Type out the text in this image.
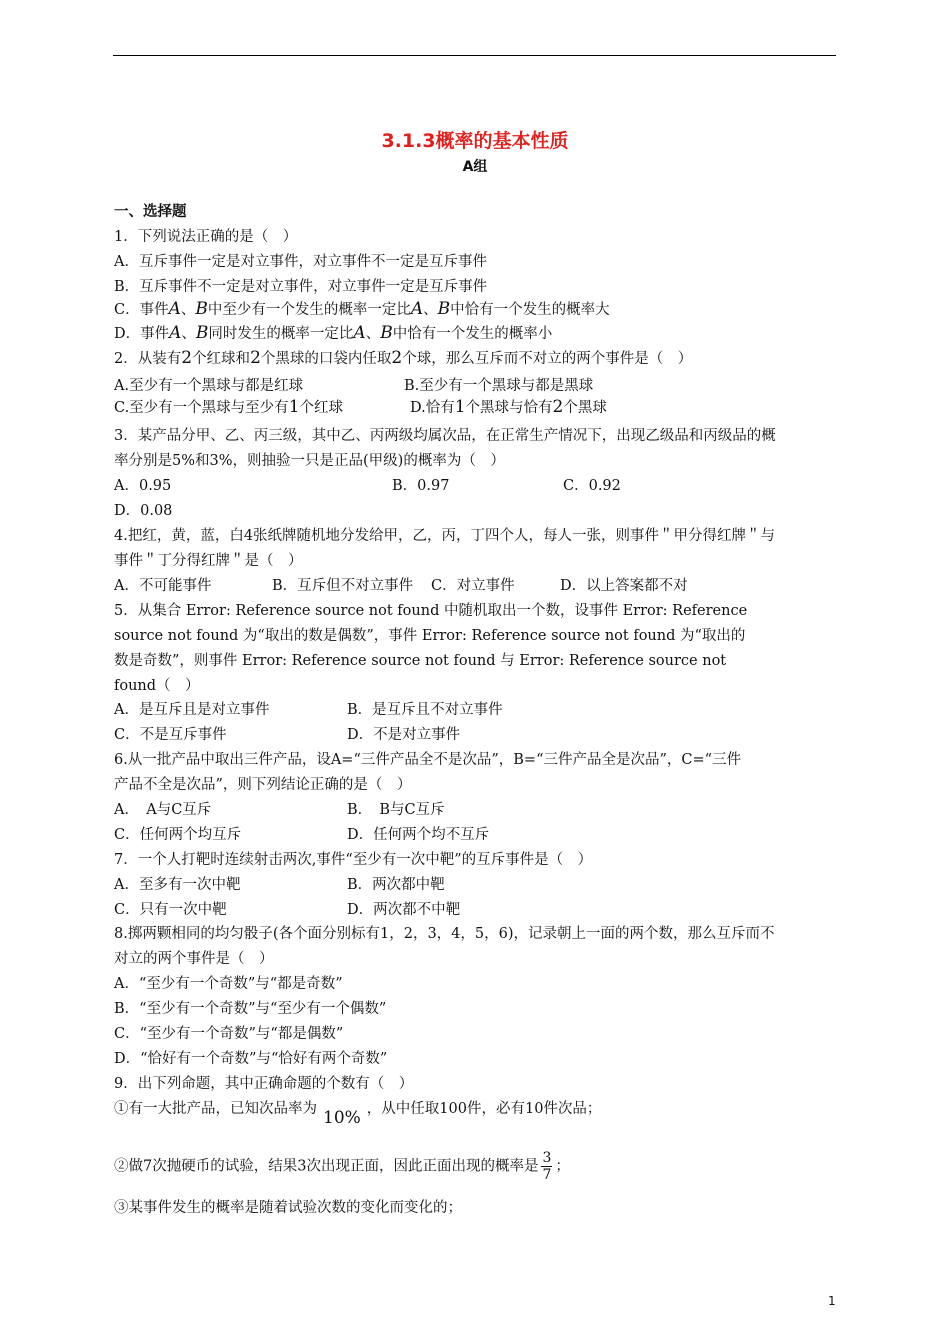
3.1.3概率的基本性质
A组
一、选择题
1．下列说法正确的是（　）
A．互斥事件一定是对立事件，对立事件不一定是互斥事件
B．互斥事件不一定是对立事件，对立事件一定是互斥事件
C．事件A、B中至少有一个发生的概率一定比A、B中恰有一个发生的概率大
D．事件A、B同时发生的概率一定比A、B中恰有一个发生的概率小
2．从装有2个红球和2个黑球的口袋内任取2个球，那么互斥而不对立的两个事件是（　）
A.至少有一个黑球与都是红球	B.至少有一个黑球与都是黑球
C.至少有一个黑球与至少有1个红球	D.恰有1个黑球与恰有2个黑球
3．某产品分甲、乙、丙三级，其中乙、丙两级均属次品，在正常生产情况下，出现乙级品和丙级品的概
率分别是5%和3%，则抽验一只是正品(甲级)的概率为（　）
A．0.95	B．0.97	C．0.92
D．0.08
4.把红，黄，蓝，白4张纸牌随机地分发给甲，乙，丙，丁四个人，每人一张，则事件＂甲分得红牌＂与
事件＂丁分得红牌＂是（　）
A．不可能事件	B．互斥但不对立事件 C．对立事件	D．以上答案都不对
5．从集合 Error: Reference source not found 中随机取出一个数，设事件 Error: Reference
source not found 为“取出的数是偶数”，事件 Error: Reference source not found 为“取出的
数是奇数”，则事件 Error: Reference source not found 与 Error: Reference source not
found（　）
A．是互斥且是对立事件	B．是互斥且不对立事件
C．不是互斥事件	D．不是对立事件
6.从一批产品中取出三件产品，设A=“三件产品全不是次品”，B=“三件产品全是次品”，C=“三件
产品不全是次品”，则下列结论正确的是（　）
A．　A与C互斥	B．　B与C互斥
C．任何两个均互斥	D．任何两个均不互斥
7．一个人打靶时连续射击两次,事件“至少有一次中靶”的互斥事件是（　）
A．至多有一次中靶	B．两次都中靶
C．只有一次中靶	D．两次都不中靶
8.掷两颗相同的均匀骰子(各个面分别标有1，2，3，4，5，6)，记录朝上一面的两个数，那么互斥而不
对立的两个事件是（　）
A．“至少有一个奇数”与“都是奇数”
B．“至少有一个奇数”与“至少有一个偶数”
C．“至少有一个奇数”与“都是偶数”
D．“恰好有一个奇数”与“恰好有两个奇数”
9．出下列命题，其中正确命题的个数有（　）
①有一大批产品，已知次品率为 10% ，从中任取100件，必有10件次品；
②做7次抛硬币的试验，结果3次出现正面，因此正面出现的概率是 $\frac{3}{7}$ ；
③某事件发生的概率是随着试验次数的变化而变化的；
1
